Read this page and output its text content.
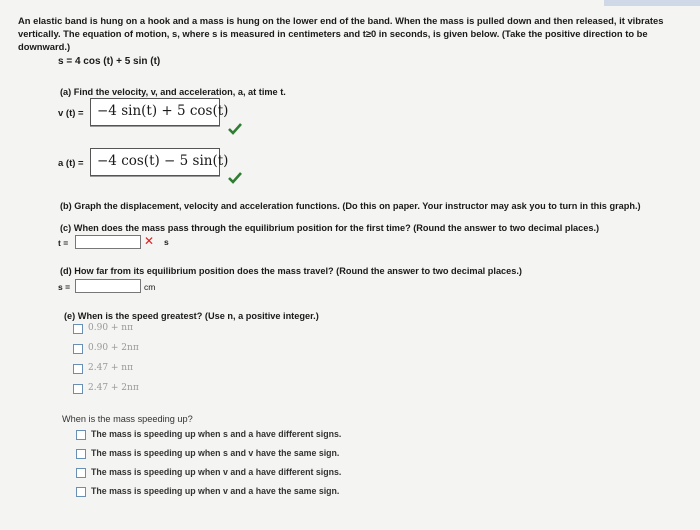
An elastic band is hung on a hook and a mass is hung on the lower end of the band. When the mass is pulled down and then released, it vibrates vertically. The equation of motion, s, where s is measured in centimeters and t≥0 in seconds, is given below. (Take the positive direction to be downward.)
s = 4 cos (t) + 5 sin (t)
(a) Find the velocity, v, and acceleration, a, at time t.
v (t) = −4 sin(t) + 5 cos(t)
a (t) = −4 cos(t) − 5 sin(t)
(b) Graph the displacement, velocity and acceleration functions. (Do this on paper. Your instructor may ask you to turn in this graph.)
(c) When does the mass pass through the equilibrium position for the first time? (Round the answer to two decimal places.)
t =	✕ s
(d) How far from its equilibrium position does the mass travel? (Round the answer to two decimal places.)
s =	cm
(e) When is the speed greatest? (Use n, a positive integer.)
0.90 + nπ
0.90 + 2nπ
2.47 + nπ
2.47 + 2nπ
When is the mass speeding up?
The mass is speeding up when s and a have different signs.
The mass is speeding up when s and v have the same sign.
The mass is speeding up when v and a have different signs.
The mass is speeding up when v and a have the same sign.
